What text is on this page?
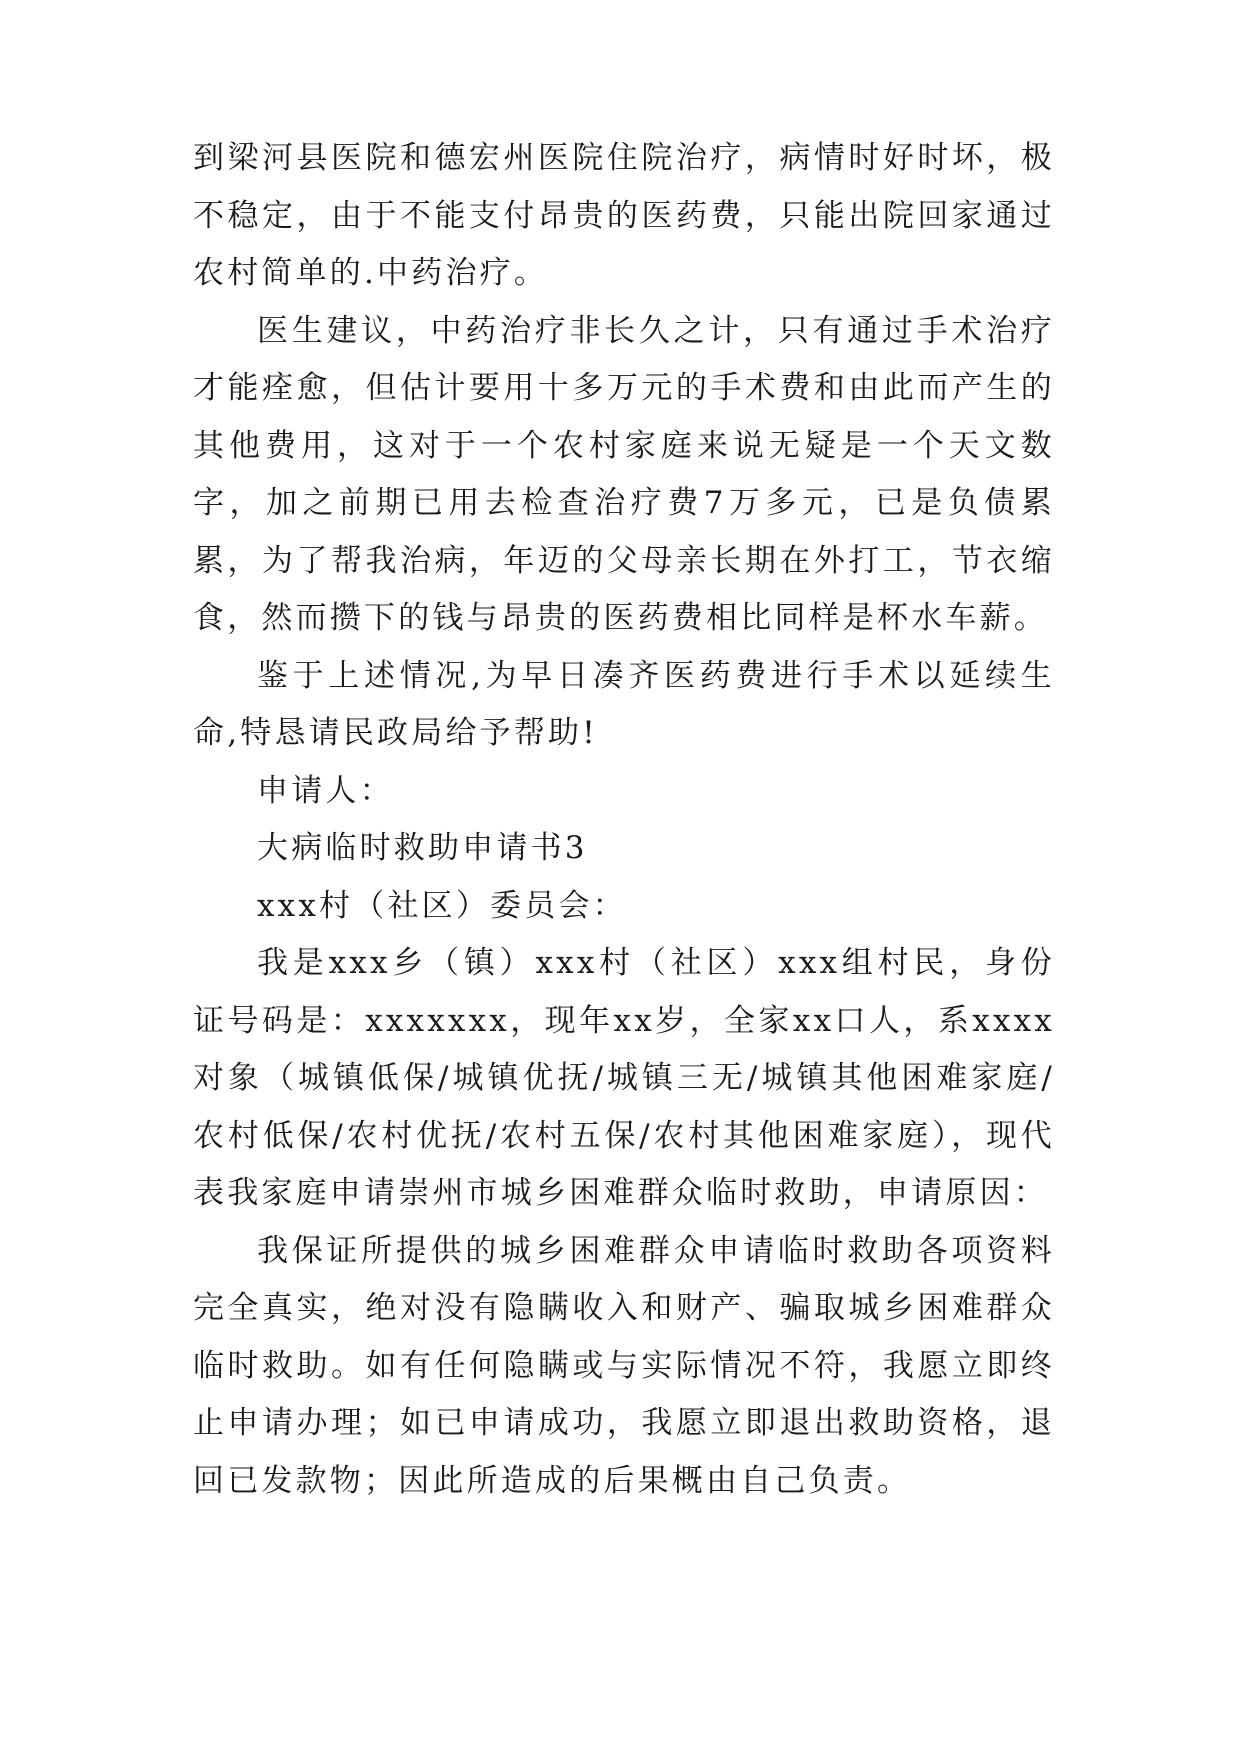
到梁河县医院和德宏州医院住院治疗，病情时好时坏，极不稳定，由于不能支付昂贵的医药费，只能出院回家通过农村简单的.中药治疗。

医生建议，中药治疗非长久之计，只有通过手术治疗才能痊愈，但估计要用十多万元的手术费和由此而产生的其他费用，这对于一个农村家庭来说无疑是一个天文数字，加之前期已用去检查治疗费7万多元，已是负债累累，为了帮我治病，年迈的父母亲长期在外打工，节衣缩食，然而攒下的钱与昂贵的医药费相比同样是杯水车薪。

鉴于上述情况,为早日凑齐医药费进行手术以延续生命,特恳请民政局给予帮助!

申请人：

大病临时救助申请书3

xxx村（社区）委员会：

我是xxx乡（镇）xxx村（社区）xxx组村民，身份证号码是：xxxxxxx，现年xx岁，全家xx口人，系xxxx对象（城镇低保/城镇优抚/城镇三无/城镇其他困难家庭/农村低保/农村优抚/农村五保/农村其他困难家庭），现代表我家庭申请崇州市城乡困难群众临时救助，申请原因：

我保证所提供的城乡困难群众申请临时救助各项资料完全真实，绝对没有隐瞒收入和财产、骗取城乡困难群众临时救助。如有任何隐瞒或与实际情况不符，我愿立即终止申请办理；如已申请成功，我愿立即退出救助资格，退回已发款物；因此所造成的后果概由自己负责。
